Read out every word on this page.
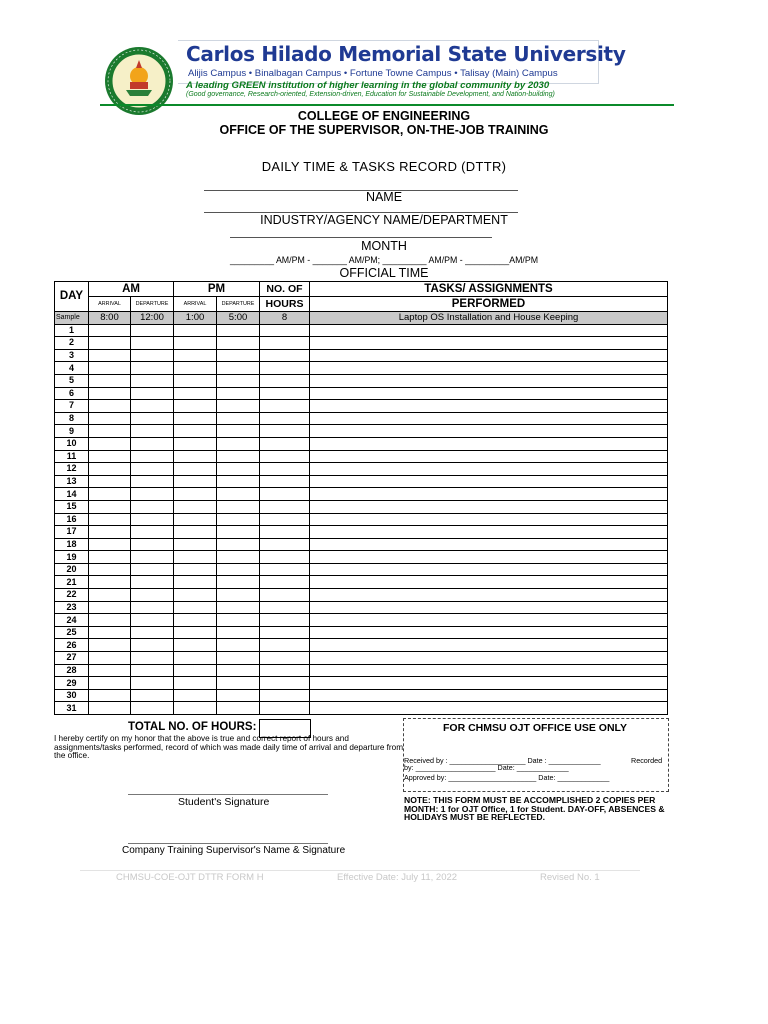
Carlos Hilado Memorial State University
Alijis Campus • Binalbagan Campus • Fortune Towne Campus • Talisay (Main) Campus
A leading GREEN institution of higher learning in the global community by 2030
(Good governance, Research-oriented, Extension-driven, Education for Sustainable Development, and Nation-building)
COLLEGE OF ENGINEERING
OFFICE OF THE SUPERVISOR, ON-THE-JOB TRAINING
DAILY TIME & TASKS RECORD (DTTR)
NAME
INDUSTRY/AGENCY NAME/DEPARTMENT
MONTH
_________ AM/PM - _______ AM/PM; _________ AM/PM - _________AM/PM
OFFICIAL TIME
DAY	AM		PM		NO. OF	TASKS/ ASSIGNMENTS
	ARRIVAL	DEPARTURE	ARRIVAL	DEPARTURE	HOURS	PERFORMED
Sample	8:00	12:00	1:00	5:00	8	Laptop OS Installation and House Keeping
1						
2						
3						
4						
5						
6						
7						
8						
9						
10						
11						
12						
13						
14						
15						
16						
17						
18						
19						
20						
21						
22						
23						
24						
25						
26						
27						
28						
29						
30						
31						
TOTAL NO. OF HOURS:
I hereby certify on my honor that the above is true and correct report of hours and assignments/tasks performed, record of which was made daily time of arrival and departure from the office.
FOR CHMSU OJT OFFICE USE ONLY
Received by : ___________________ Date : _____________	Recorded
by: ____________________ Date: _____________
Approved by: ______________________ Date: _____________
NOTE: THIS FORM MUST BE ACCOMPLISHED 2 COPIES PER MONTH: 1 for OJT Office, 1 for Student. DAY-OFF, ABSENCES & HOLIDAYS MUST BE REFLECTED.
Student's Signature
Company Training Supervisor's Name & Signature
CHMSU-COE-OJT DTTR FORM H	Effective Date: July 11, 2022	Revised No. 1
